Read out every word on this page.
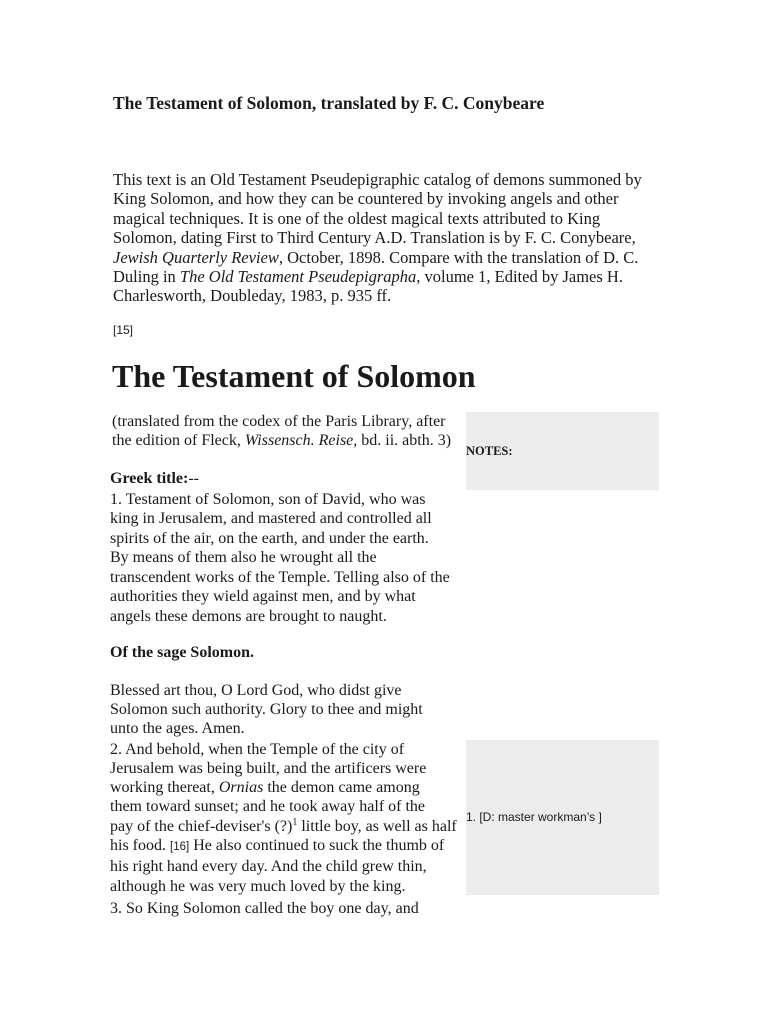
The Testament of Solomon, translated by F. C. Conybeare
This text is an Old Testament Pseudepigraphic catalog of demons summoned by
King Solomon, and how they can be countered by invoking angels and other
magical techniques. It is one of the oldest magical texts attributed to King
Solomon, dating First to Third Century A.D. Translation is by F. C. Conybeare,
Jewish Quarterly Review, October, 1898. Compare with the translation of D. C.
Duling in The Old Testament Pseudepigrapha, volume 1, Edited by James H.
Charlesworth, Doubleday, 1983, p. 935 ff.
[15]
The Testament of Solomon
NOTES:
(translated from the codex of the Paris Library, after
the edition of Fleck, Wissensch. Reise, bd. ii. abth. 3)
Greek title:--
1. Testament of Solomon, son of David, who was
king in Jerusalem, and mastered and controlled all
spirits of the air, on the earth, and under the earth.
By means of them also he wrought all the
transcendent works of the Temple. Telling also of the
authorities they wield against men, and by what
angels these demons are brought to naught.
Of the sage Solomon.
Blessed art thou, O Lord God, who didst give
Solomon such authority. Glory to thee and might
unto the ages. Amen.
1. [D: master workman’s ]
2. And behold, when the Temple of the city of
Jerusalem was being built, and the artificers were
working thereat, Ornias the demon came among
them toward sunset; and he took away half of the
pay of the chief-deviser's (?)$^1$ little boy, as well as half
his food. [16] He also continued to suck the thumb of
his right hand every day. And the child grew thin,
although he was very much loved by the king.
3. So King Solomon called the boy one day, and
